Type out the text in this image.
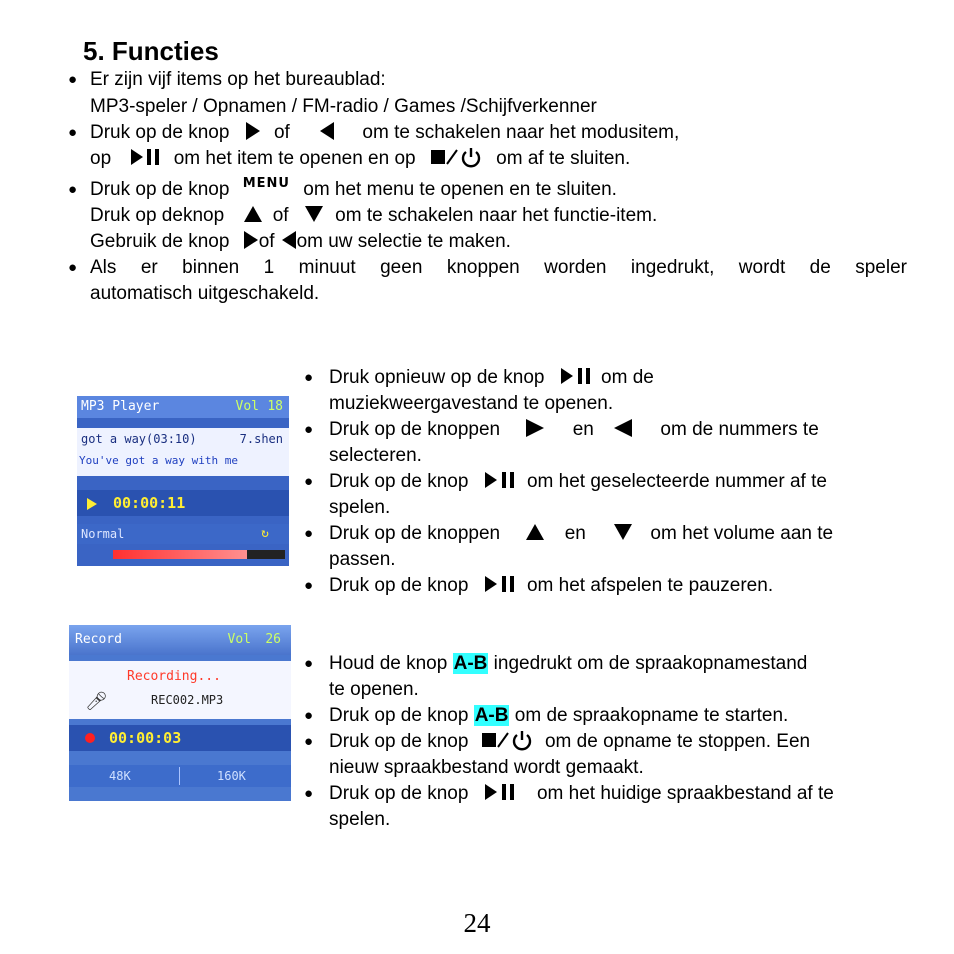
5. Functies
● Er zijn vijf items op het bureaublad:
MP3-speler / Opnamen / FM-radio / Games /Schijfverkenner
● Druk op de knop of	om te schakelen naar het modusitem,
op	om het item te openen en op	om af te sluiten.
● Druk op de knop MENU om het menu te openen en te sluiten.
Druk op deknop	of om te schakelen naar het functie-item.
Gebruik de knop of om uw selectie te maken.
● Als er binnen 1 minuut geen knoppen worden ingedrukt, wordt de speler
automatisch uitgeschakeld.
MP3 Player	Vol 18
got a way(03:10)	7.shen
You've got a way with me
00:00:11
Normal	↻
● Druk opnieuw op de knop	om de
muziekweergavestand te openen.
● Druk op de knoppen	en	om de nummers te
selecteren.
● Druk op de knop	om het geselecteerde nummer af te
spelen.
● Druk op de knoppen	en	om het volume aan te
passen.
● Druk op de knop	om het afspelen te pauzeren.
Record	Vol 26
Recording...
🎤︎	REC002.MP3
00:00:03
48K	160K
● Houd de knop A-B ingedrukt om de spraakopnamestand
te openen.
● Druk op de knop A-B om de spraakopname te starten.
● Druk op de knop	om de opname te stoppen. Een
nieuw spraakbestand wordt gemaakt.
● Druk op de knop	om het huidige spraakbestand af te
spelen.
24
